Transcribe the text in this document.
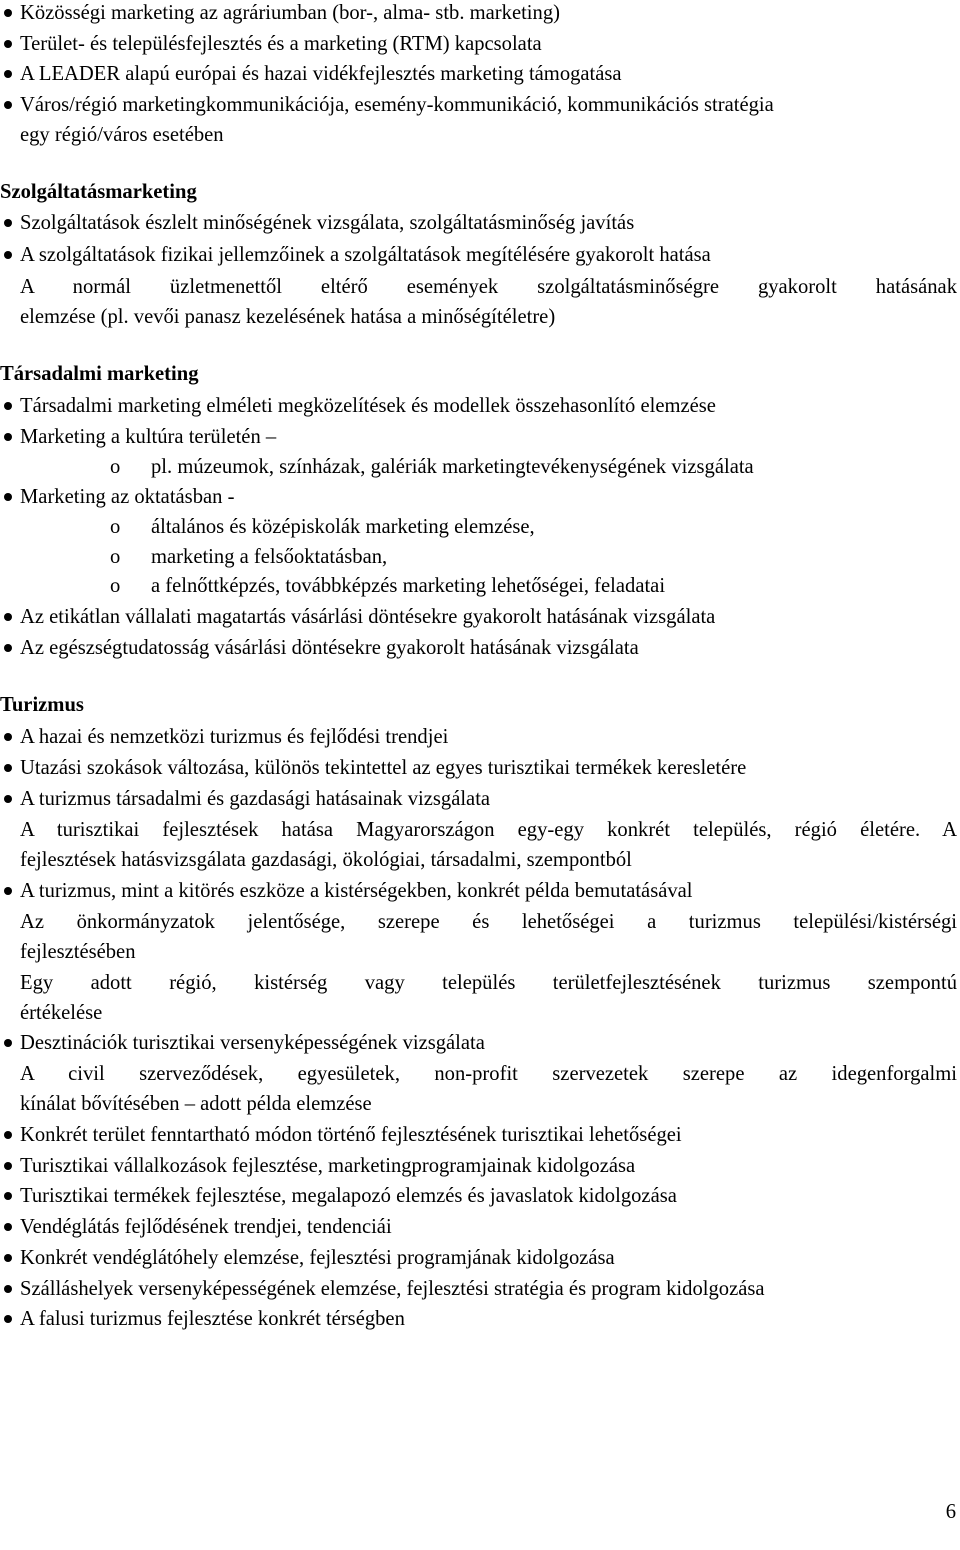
Közösségi marketing az agráriumban (bor-, alma- stb. marketing)
Terület- és településfejlesztés és a marketing (RTM) kapcsolata
A LEADER alapú európai és hazai vidékfejlesztés marketing támogatása
Város/régió marketingkommunikációja, esemény-kommunikáció, kommunikációs stratégia
egy régió/város esetében
Szolgáltatásmarketing
Szolgáltatások észlelt minőségének vizsgálata, szolgáltatásminőség javítás
A szolgáltatások fizikai jellemzőinek a szolgáltatások megítélésére gyakorolt hatása
A normál üzletmenettől eltérő események szolgáltatásminőségre gyakorolt hatásának
elemzése (pl. vevői panasz kezelésének hatása a minőségítéletre)
Társadalmi marketing
Társadalmi marketing elméleti megközelítések és modellek összehasonlító elemzése
Marketing a kultúra területén –
o pl. múzeumok, színházak, galériák marketingtevékenységének vizsgálata
Marketing az oktatásban -
o általános és középiskolák marketing elemzése,
o marketing a felsőoktatásban,
o a felnőttképzés, továbbképzés marketing lehetőségei, feladatai
Az etikátlan vállalati magatartás vásárlási döntésekre gyakorolt hatásának vizsgálata
Az egészségtudatosság vásárlási döntésekre gyakorolt hatásának vizsgálata
Turizmus
A hazai és nemzetközi turizmus és fejlődési trendjei
Utazási szokások változása, különös tekintettel az egyes turisztikai termékek keresletére
A turizmus társadalmi és gazdasági hatásainak vizsgálata
A turisztikai fejlesztések hatása Magyarországon egy-egy konkrét település, régió életére. A
fejlesztések hatásvizsgálata gazdasági, ökológiai, társadalmi, szempontból
A turizmus, mint a kitörés eszköze a kistérségekben, konkrét példa bemutatásával
Az önkormányzatok jelentősége, szerepe és lehetőségei a turizmus települési/kistérségi
fejlesztésében
Egy adott régió, kistérség vagy település területfejlesztésének turizmus szempontú
értékelése
Desztinációk turisztikai versenyképességének vizsgálata
A civil szerveződések, egyesületek, non-profit szervezetek szerepe az idegenforgalmi
kínálat bővítésében – adott példa elemzése
Konkrét terület fenntartható módon történő fejlesztésének turisztikai lehetőségei
Turisztikai vállalkozások fejlesztése, marketingprogramjainak kidolgozása
Turisztikai termékek fejlesztése, megalapozó elemzés és javaslatok kidolgozása
Vendéglátás fejlődésének trendjei, tendenciái
Konkrét vendéglátóhely elemzése, fejlesztési programjának kidolgozása
Szálláshelyek versenyképességének elemzése, fejlesztési stratégia és program kidolgozása
A falusi turizmus fejlesztése konkrét térségben
6
